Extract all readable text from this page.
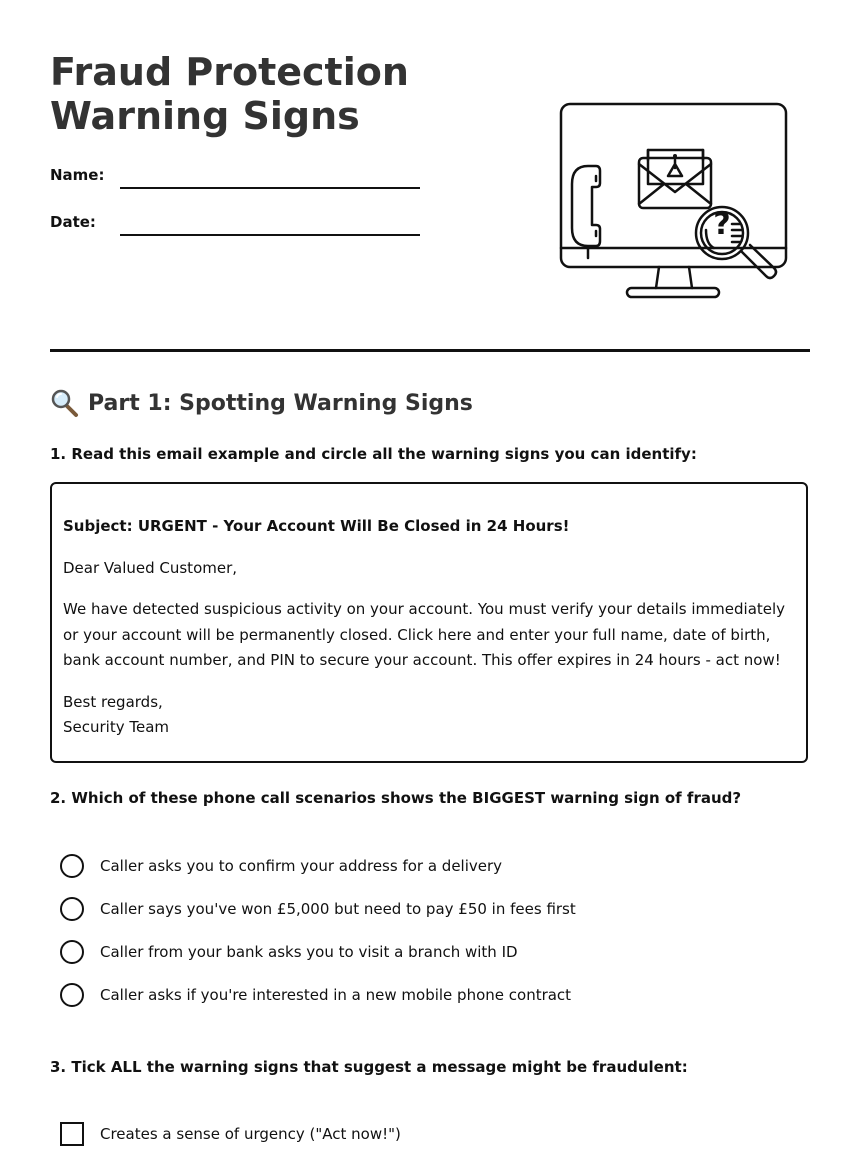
Fraud Protection Warning Signs
Name:
Date:	?
Part 1: Spotting Warning Signs

1. Read this email example and circle all the warning signs you can identify:

Subject: URGENT - Your Account Will Be Closed in 24 Hours!

Dear Valued Customer,

We have detected suspicious activity on your account. You must verify your details immediately or your account will be permanently closed. Click here and enter your full name, date of birth, bank account number, and PIN to secure your account. This offer expires in 24 hours - act now!

Best regards,

Security Team

2. Which of these phone call scenarios shows the BIGGEST warning sign of fraud?

Caller asks you to confirm your address for a delivery
Caller says you've won £5,000 but need to pay £50 in fees first
Caller from your bank asks you to visit a branch with ID
Caller asks if you're interested in a new mobile phone contract

3. Tick ALL the warning signs that suggest a message might be fraudulent:

Creates a sense of urgency ("Act now!")
